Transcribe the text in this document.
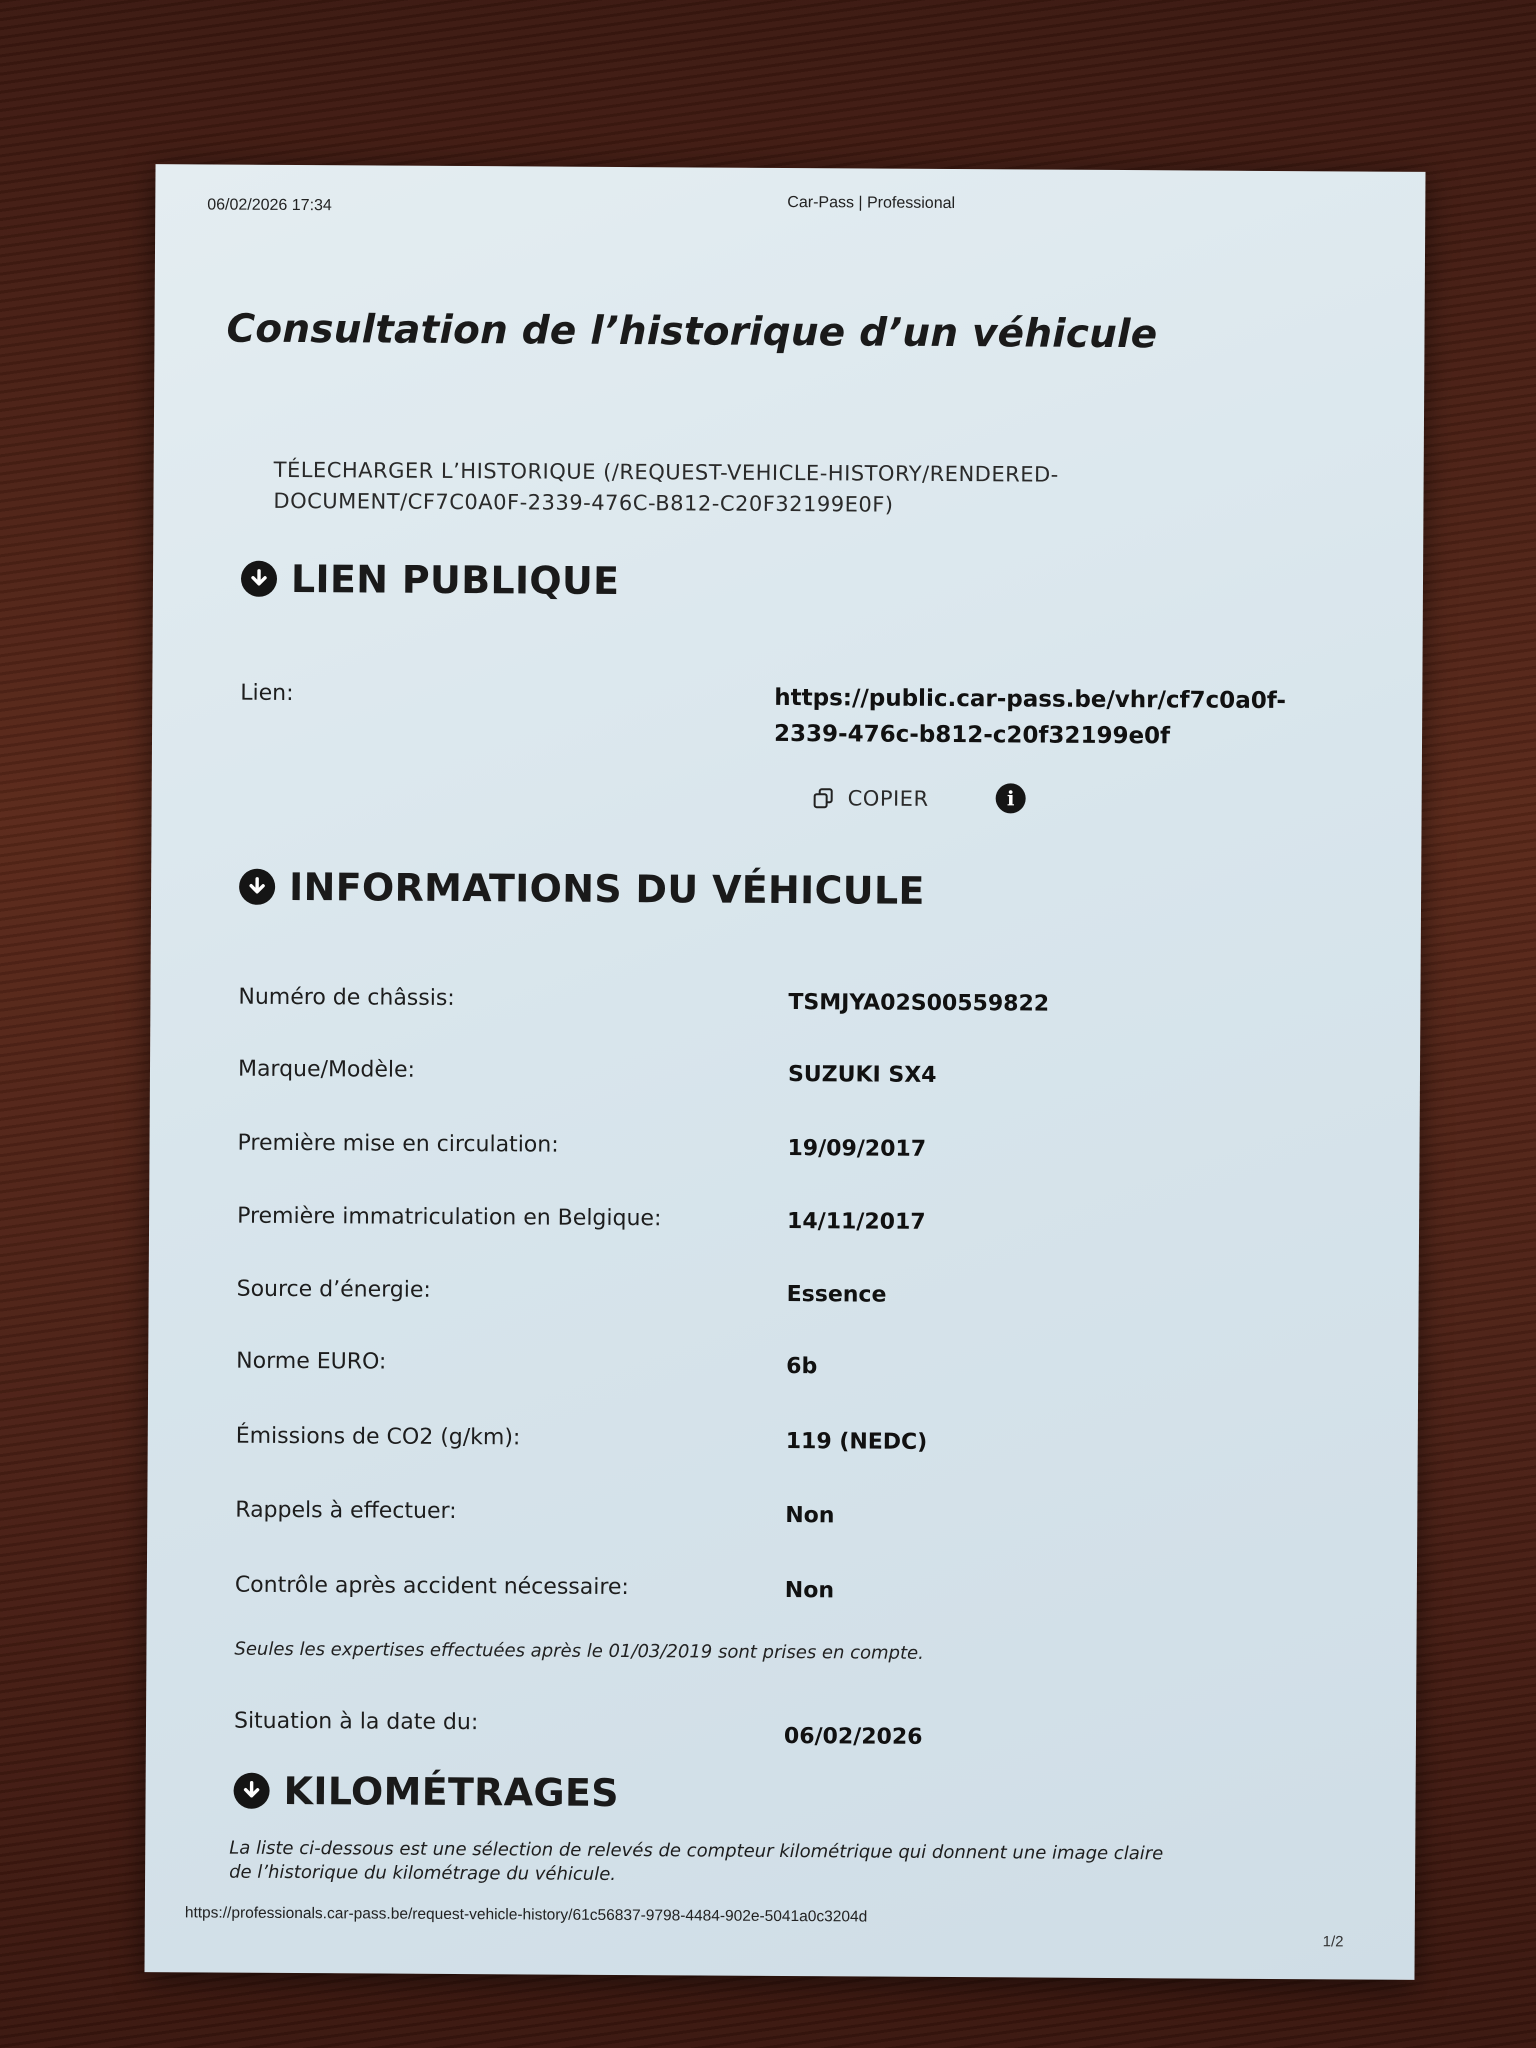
06/02/2026 17:34	Car-Pass | Professional
Consultation de l’historique d’un véhicule
TÉLECHARGER L’HISTORIQUE (/REQUEST-VEHICLE-HISTORY/RENDERED-DOCUMENT/CF7C0A0F-2339-476C-B812-C20F32199E0F)
LIEN PUBLIQUE
Lien:	https://public.car-pass.be/vhr/cf7c0a0f-2339-476c-b812-c20f32199e0f
COPIER	i
INFORMATIONS DU VÉHICULE
Numéro de châssis:	TSMJYA02S00559822
Marque/Modèle:	SUZUKI SX4
Première mise en circulation:	19/09/2017
Première immatriculation en Belgique:	14/11/2017
Source d’énergie:	Essence
Norme EURO:	6b
Émissions de CO2 (g/km):	119 (NEDC)
Rappels à effectuer:	Non
Contrôle après accident nécessaire:	Non
Seules les expertises effectuées après le 01/03/2019 sont prises en compte.
Situation à la date du:
06/02/2026
KILOMÉTRAGES
La liste ci-dessous est une sélection de relevés de compteur kilométrique qui donnent une image claire de l’historique du kilométrage du véhicule.
https://professionals.car-pass.be/request-vehicle-history/61c56837-9798-4484-902e-5041a0c3204d
1/2
